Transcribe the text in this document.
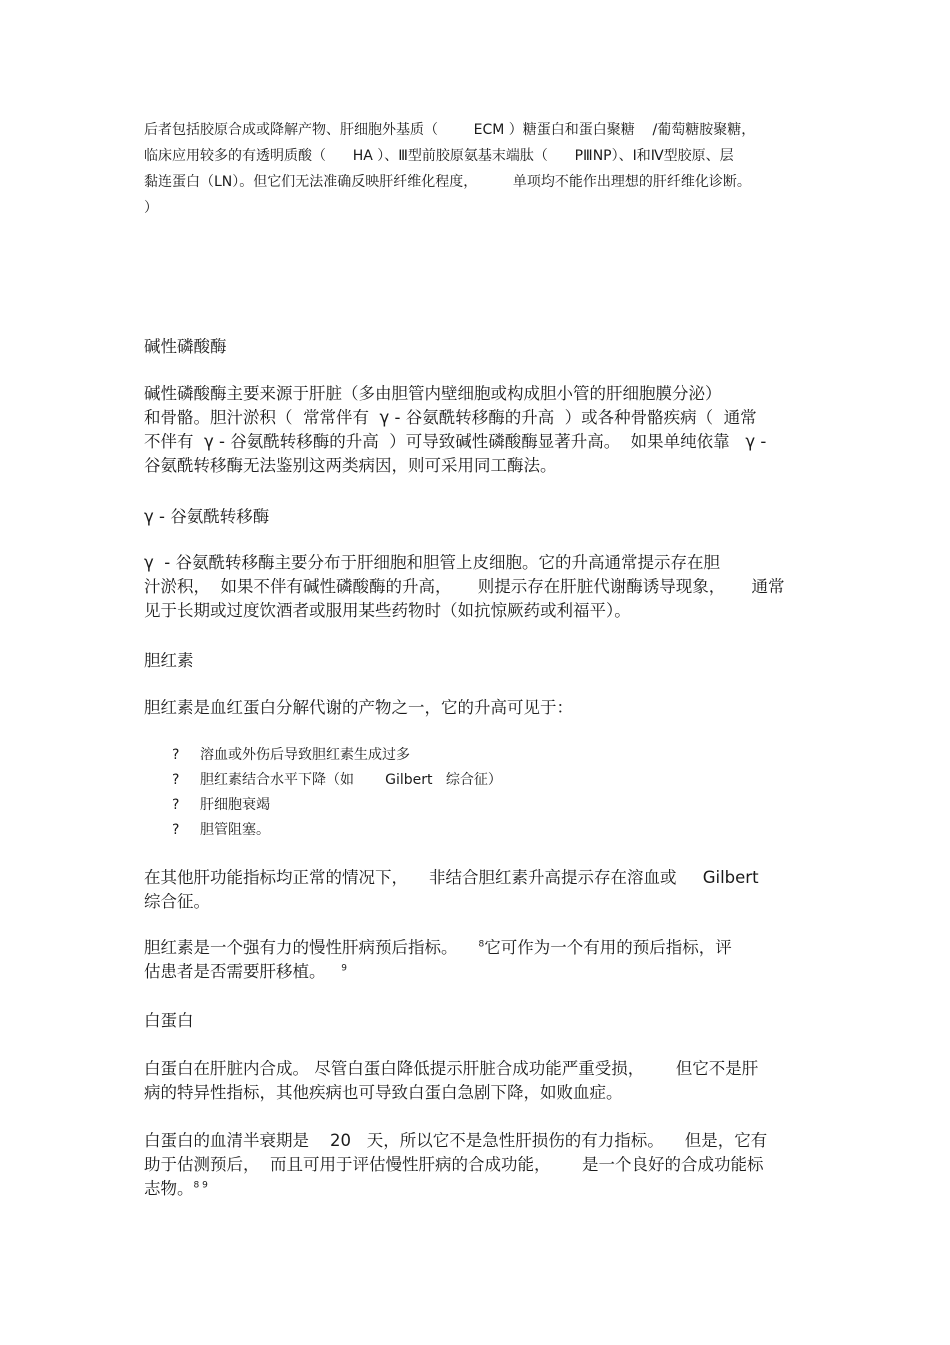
后者包括胶原合成或降解产物、肝细胞外基质（        ECM ）糖蛋白和蛋白聚糖    /葡萄糖胺聚糖，
临床应用较多的有透明质酸（      HA ）、Ⅲ型前胶原氨基末端肽（      PⅢNP）、Ⅰ和Ⅳ型胶原、层
黏连蛋白（LN）。但它们无法准确反映肝纤维化程度，        单项均不能作出理想的肝纤维化诊断。
）
碱性磷酸酶
碱性磷酸酶主要来源于肝脏（多由胆管内壁细胞或构成胆小管的肝细胞膜分泌）
和骨骼。胆汁淤积（  常常伴有  γ - 谷氨酰转移酶的升高  ）或各种骨骼疾病（  通常
不伴有  γ - 谷氨酰转移酶的升高  ）可导致碱性磷酸酶显著升高。  如果单纯依靠   γ -
谷氨酰转移酶无法鉴别这两类病因，则可采用同工酶法。
γ - 谷氨酰转移酶
γ  - 谷氨酰转移酶主要分布于肝细胞和胆管上皮细胞。它的升高通常提示存在胆
汁淤积，  如果不伴有碱性磷酸酶的升高，     则提示存在肝脏代谢酶诱导现象，     通常
见于长期或过度饮酒者或服用某些药物时（如抗惊厥药或利福平）。
胆红素
胆红素是血红蛋白分解代谢的产物之一，它的升高可见于：
?	溶血或外伤后导致胆红素生成过多
?	胆红素结合水平下降（如       Gilbert   综合征）
?	肝细胞衰竭
?	胆管阻塞。
在其他肝功能指标均正常的情况下，    非结合胆红素升高提示存在溶血或     Gilbert
综合征。
胆红素是一个强有力的慢性肝病预后指标。    $^8$它可作为一个有用的预后指标，评
估患者是否需要肝移植。   $^9$
白蛋白
白蛋白在肝脏内合成。 尽管白蛋白降低提示肝脏合成功能严重受损，      但它不是肝
病的特异性指标，其他疾病也可导致白蛋白急剧下降，如败血症。
白蛋白的血清半衰期是    20   天，所以它不是急性肝损伤的有力指标。    但是，它有
助于估测预后，  而且可用于评估慢性肝病的合成功能，      是一个良好的合成功能标
志物。$^{8 9}$
